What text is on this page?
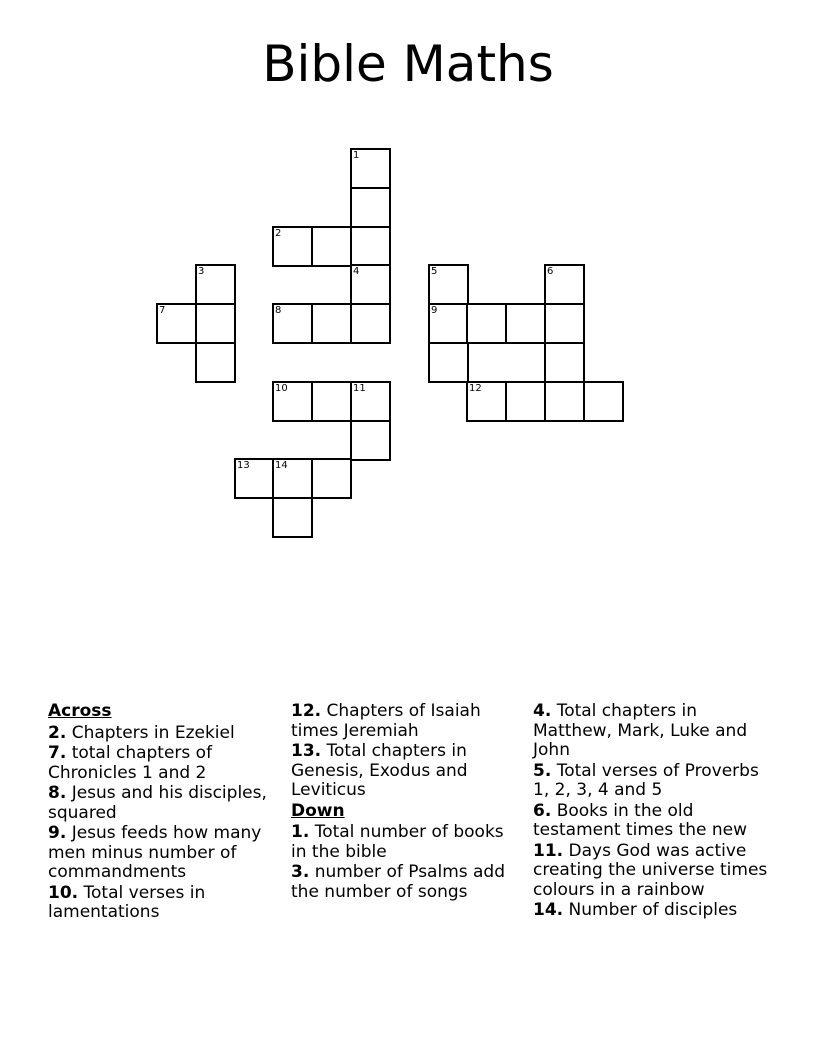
Bible Maths
1
2
3	4	5	6
7	8	9
10	11	12
13	14
Across
2. Chapters in Ezekiel
7. total chapters of Chronicles 1 and 2
8. Jesus and his disciples, squared
9. Jesus feeds how many men minus number of commandments
10. Total verses in lamentations
12. Chapters of Isaiah times Jeremiah
13. Total chapters in Genesis, Exodus and Leviticus
Down
1. Total number of books in the bible
3. number of Psalms add the number of songs
4. Total chapters in Matthew, Mark, Luke and John
5. Total verses of Proverbs 1, 2, 3, 4 and 5
6. Books in the old testament times the new
11. Days God was active creating the universe times colours in a rainbow
14. Number of disciples
